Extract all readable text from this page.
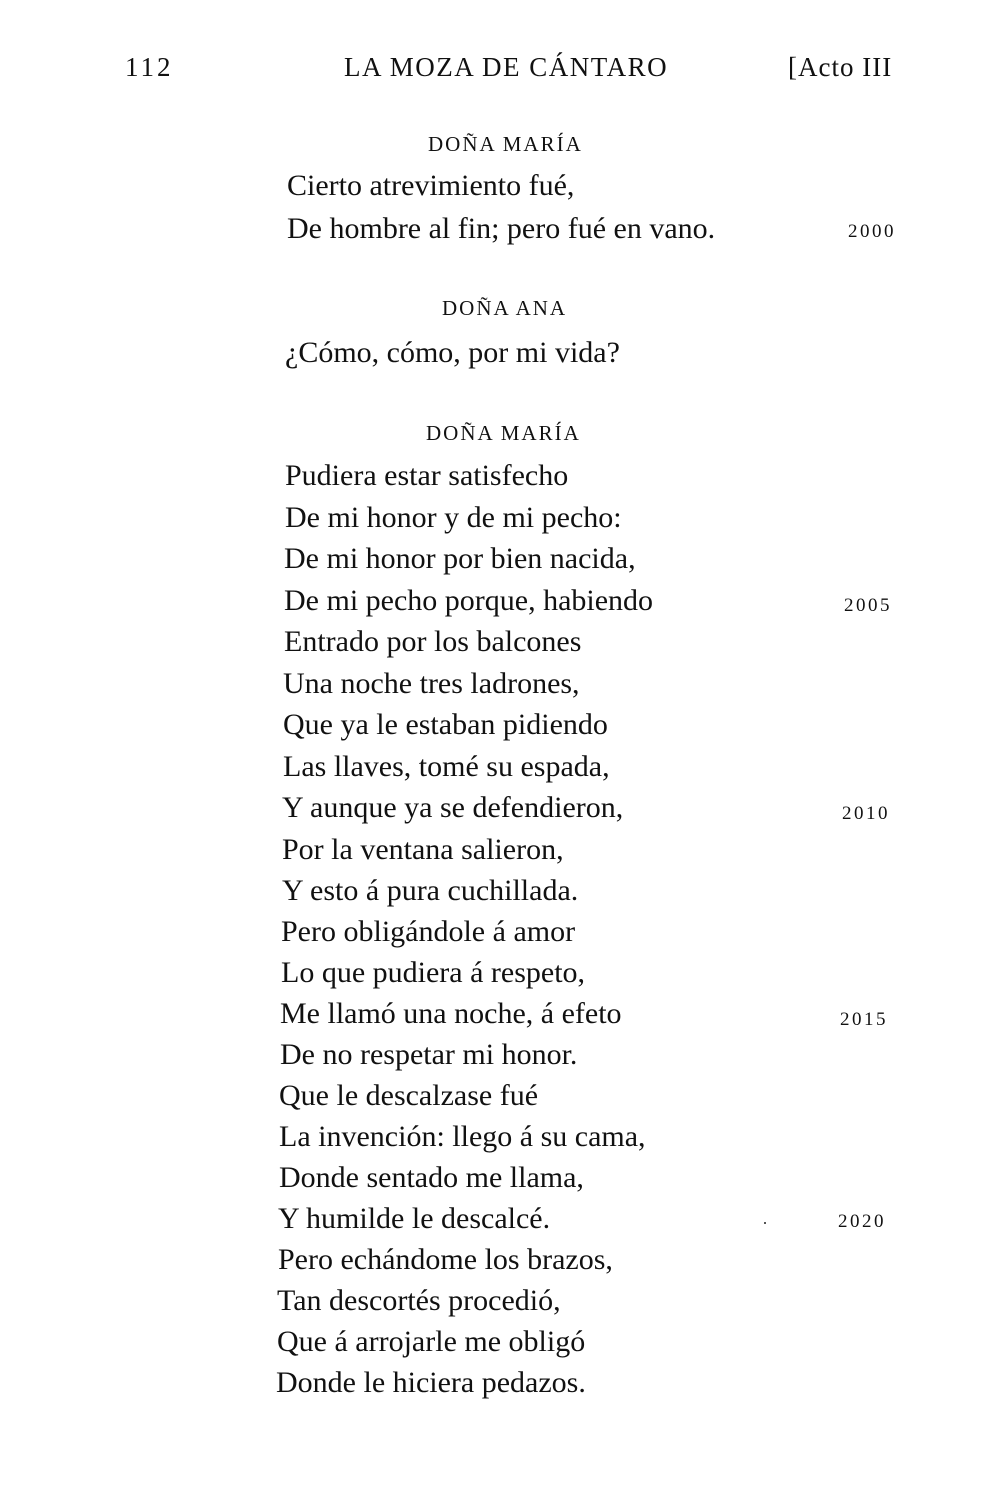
112	LA MOZA DE CÁNTARO	[Acto III
DOÑA MARÍA
Cierto atrevimiento fué,
De hombre al fin; pero fué en vano.	2000
DOÑA ANA
¿Cómo, cómo, por mi vida?
DOÑA MARÍA
Pudiera estar satisfecho
De mi honor y de mi pecho:
De mi honor por bien nacida,
De mi pecho porque, habiendo	2005
Entrado por los balcones
Una noche tres ladrones,
Que ya le estaban pidiendo
Las llaves, tomé su espada,
Y aunque ya se defendieron,	2010
Por la ventana salieron,
Y esto á pura cuchillada.
Pero obligándole á amor
Lo que pudiera á respeto,
Me llamó una noche, á efeto	2015
De no respetar mi honor.
Que le descalzase fué
La invención: llego á su cama,
Donde sentado me llama,
Y humilde le descalcé.	2020
Pero echándome los brazos,
Tan descortés procedió,
Que á arrojarle me obligó
Donde le hiciera pedazos.
